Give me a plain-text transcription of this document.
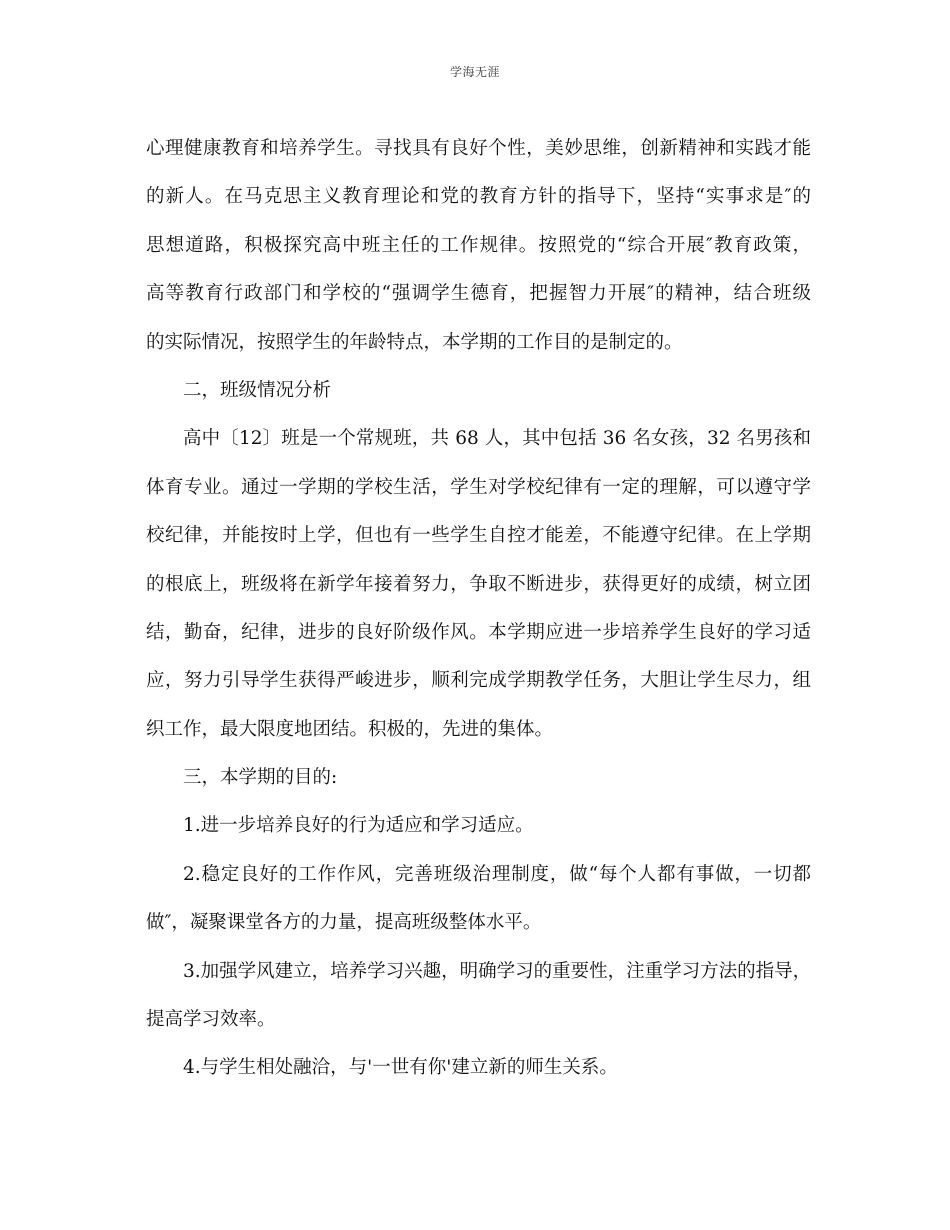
学海无涯
心理健康教育和培养学生。寻找具有良好个性，美妙思维，创新精神和实践才能
的新人。在马克思主义教育理论和党的教育方针的指导下，坚持“实事求是″的
思想道路，积极探究高中班主任的工作规律。按照党的“综合开展″教育政策，
高等教育行政部门和学校的“强调学生德育，把握智力开展″的精神，结合班级
的实际情况，按照学生的年龄特点，本学期的工作目的是制定的。
二，班级情况分析
高中〔12〕班是一个常规班，共 68 人，其中包括 36 名女孩，32 名男孩和
体育专业。通过一学期的学校生活，学生对学校纪律有一定的理解，可以遵守学
校纪律，并能按时上学，但也有一些学生自控才能差，不能遵守纪律。在上学期
的根底上，班级将在新学年接着努力，争取不断进步，获得更好的成绩，树立团
结，勤奋，纪律，进步的良好阶级作风。本学期应进一步培养学生良好的学习适
应，努力引导学生获得严峻进步，顺利完成学期教学任务，大胆让学生尽力，组
织工作，最大限度地团结。积极的，先进的集体。
三，本学期的目的:
1.进一步培养良好的行为适应和学习适应。
2.稳定良好的工作作风，完善班级治理制度，做“每个人都有事做，一切都
做″，凝聚课堂各方的力量，提高班级整体水平。
3.加强学风建立，培养学习兴趣，明确学习的重要性，注重学习方法的指导，
提高学习效率。
4.与学生相处融洽，与'一世有你'建立新的师生关系。
